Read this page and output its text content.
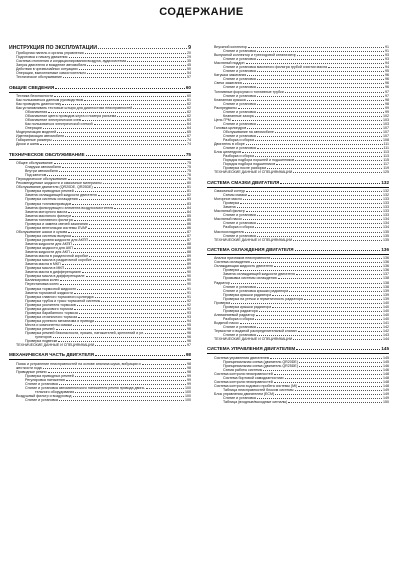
СОДЕРЖАНИЕ
ИНСТРУКЦИЯ ПО ЭКСПЛУАТАЦИИ	9
Приборная панель и органы управления	20
Подготовка к началу движения	29
Система отопления и кондиционирования воздуха, аудиосистема	35
Запуск двигателя и вождение автомобиля	45
Действия в чрезвычайных ситуациях	50
Операции, выполняемые самостоятельно	54
Техническое обслуживание	57
ОБЩИЕ СВЕДЕНИЯ	60
Техника безопасности	60
Как пользоваться данным руководством	61
Как проводить диагностику	62
Как устанавливать тестовые штыри для диагностики неисправностей	62
Обозначения	62
Обозначение цвета проводов жгута и номера разъема	62
Обозначение электрических схем	63
Как пользоваться электрической схемой	64
Операции	64
Модернизация моделей	65
Идентификация автомобиля	67
Габаритные размеры	74
Диски и шины	74
ТЕХНИЧЕСКОЕ ОБСЛУЖИВАНИЕ	75
Общее обслуживание	75
Снаружи автомобиля	75
Внутри автомобиля	75
Под капотом	76
Периодическое обслуживание	76
Рекомендуемые жидкости и смазочные материалы	80
Обслуживание двигателя (QR20DE, QR25DE)	81
Проверка приводных ремней	81
Замена охлаждающей жидкости двигателя	82
Проверка системы охлаждения	83
Проверка топливопроводов	83
Замена фильтрующего элемента воздухоочистителя	84
Замена моторного масла	84
Замена масляного фильтра	85
Замена топливного фильтра	85
Проверка и замена свечей зажигания	86
Проверка вентиляции системы EVAP	86
Обслуживание шасси и кузова	87
Проверка системы выпуска	87
Проверка уровня жидкости для АКПП	87
Замена жидкости для АКПП	88
Проверка жидкости для АКП	88
Замена жидкости для AKП	88
Замена масла в раздаточной коробке	89
Проверка масла в раздаточной коробке	89
Замена масла в МКП	89
Проверка масла в МКП	89
Замена масла в дифференциале	90
Проверка масла в дифференциале	90
Балансировка колес	90
Перестановка колес	90
Проверка тормозной жидкости	91
Замена тормозной жидкости	91
Проверка главного тормозного цилиндра	91
Проверка трубок и трасс тормозной системы	92
Проверка усилителя тормозов	92
Проверка дискового тормоза	92
Проверка барабанного тормоза	93
Проверка стояночного тормоза	93
Проверка рулевого механизма и привода	94
Места и компоненты смазки	95
Проверка ремней	96
Проверка ремней безопасности, пряжек, натяжителей, креплений и ре-	96
гуляторов	96
Проверка подвески	96
ТЕХНИЧЕСКИЕ ДАННЫЕ И СПЕЦИФИКАЦИИ	97
МЕХАНИЧЕСКАЯ ЧАСТЬ ДВИГАТЕЛЯ	98
Поиск и устранение неисправностей на основе анализа шума, вибрации и	98
жесткости хода	98
Приводные ремни	98
Проверка приводных ремней	99
Регулировка натяжения	99
Снятие и установка	99
Снятие и установка автоматического натяжителя ремня привода двига-	100
тельного оборудования	100
Воздушный фильтр и воздуховод	100
Снятие и установка	100
Впускной коллектор	91
Снятие и установка	91
Выпускной коллектор и трехходовой катализатор	93
Снятие и установка	93
Масляный поддон	94
Снятие и установка масляного фильтра грубой очистки масла	94
Снятие и установка	95
Катушка зажигания	96
Снятие и установка	96
Свечи зажигания	96
Снятие и установка	96
Топливные форсунки и топливные трубки	97
Снятие и установка	97
Клапанная крышка	98
Снятие и установка	98
Распредвалы	99
Снятие и установка	99
Клапанные зазоры	102
Цепь ГРМ	103
Снятие и установка	103
Головка цилиндров	107
Обслуживание на автомобиле	107
Снятие и установка	107
Разборка и сборка	108
Двигатель в сборе	111
Снятие и установка	111
Блок цилиндров	113
Разборка и сборка	113
Порядок подбора поршней и подшипников	115
Порядок подбора подшипников	117
Проверка после разборки	119
ТЕХНИЧЕСКИЕ ДАННЫЕ И СПЕЦИФИКАЦИИ	125
СИСТЕМА СМАЗКИ ДВИГАТЕЛЯ	132
Смазочный контур	132
Схемы смазки	132
Моторное масло	133
Проверка	133
Замена	133
Масляный фильтр	133
Снятие и установка	133
Масляный насос	134
Снятие и установка	134
Разборка и сборка	134
Маслоохладитель	135
Снятие и установка	135
ТЕХНИЧЕСКИЕ ДАННЫЕ И СПЕЦИФИКАЦИИ	135
СИСТЕМА ОХЛАЖДЕНИЯ ДВИГАТЕЛЯ	136
Анализ признаков неисправности	136
Система охлаждения	136
Охлаждающая жидкость двигателя	136
Проверка	136
Замена охлаждающей жидкости двигателя	137
Промывка системы охлаждения	138
Радиатор	138
Снятие и установка	138
Снятие и установка крышки радиатора	139
Проверка крышки радиатора	139
Проверка на утечки и герметичность радиатора	139
Проверка	140
Проверка крышки радиатора	140
Проверка радиатора	140
Алюминиевый радиатор	140
Разборка и сборка	140
Водяной насос	141
Снятие и установка	142
Термостат и водяной распределительный клапан	142
Снятие и установка	143
ТЕХНИЧЕСКИЕ ДАННЫЕ И СПЕЦИФИКАЦИИ	144
СИСТЕМА УПРАВЛЕНИЯ ДВИГАТЕЛЕМ	145
Система управления двигателем	145
Принципиальная схема (двигатель QR20DE)	145
Принципиальная схема (двигатель QR25DE)	146
Схема работы системы	146
Система контроля неисправностей	148
Система бортовой самодиагностики	148
Система контроля неисправностей	148
Система контроля ходового пробега системы (MI)	148
Таблица неисправностей блоком системы	149
Блок управления двигателем (ЕСМ)	149
Снятие и установка	149
Таблица (входные/выходные сигналы)	150
